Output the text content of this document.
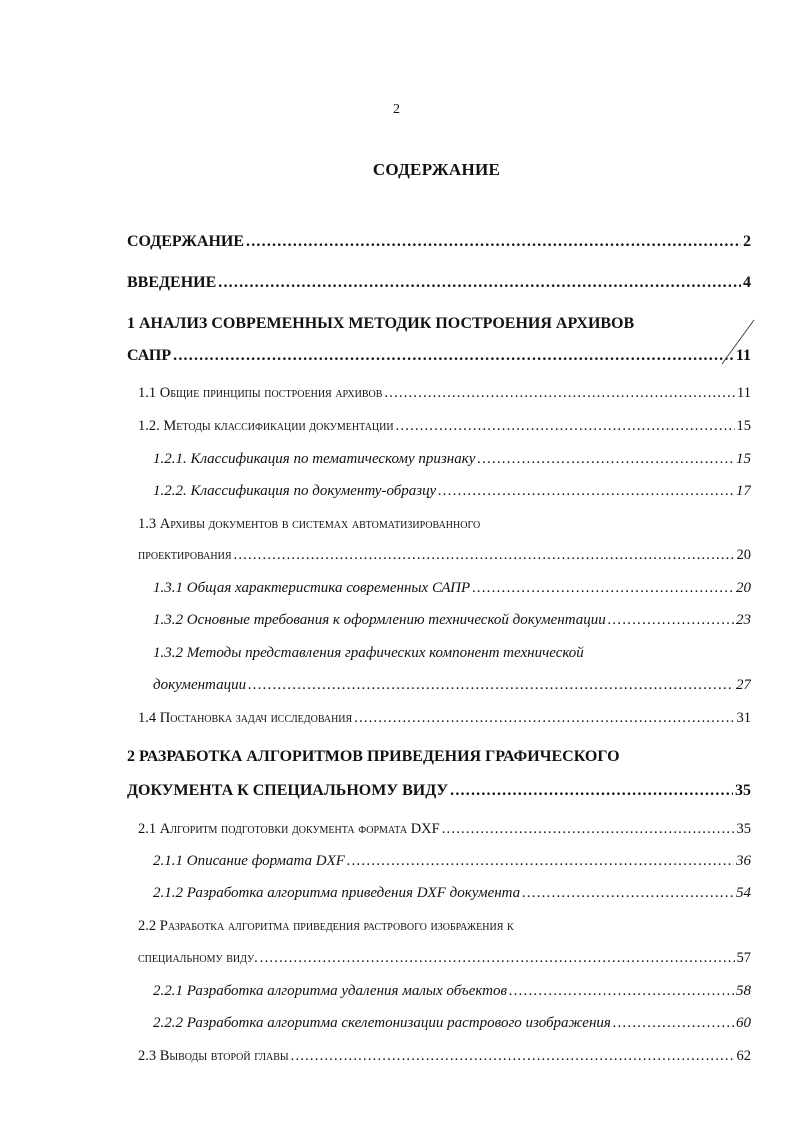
2
СОДЕРЖАНИЕ
СОДЕРЖАНИЕ .....	2
ВВЕДЕНИЕ .....	4
1 АНАЛИЗ СОВРЕМЕННЫХ МЕТОДИК ПОСТРОЕНИЯ АРХИВОВ
САПР .....	11
1.1 Общие принципы построения архивов .....	11
1.2. Методы классификации документации .....	15
1.2.1. Классификация по тематическому признаку .....	15
1.2.2. Классификация по документу-образцу .....	17
1.3 Архивы документов в системах автоматизированного
проектирования .....	20
1.3.1 Общая характеристика современных САПР .....	20
1.3.2 Основные требования к оформлению технической документации .....	23
1.3.2 Методы представления графических компонент технической
документации .....	27
1.4 Постановка задач исследования .....	31
2 РАЗРАБОТКА АЛГОРИТМОВ ПРИВЕДЕНИЯ ГРАФИЧЕСКОГО
ДОКУМЕНТА К СПЕЦИАЛЬНОМУ ВИДУ .....	35
2.1 Алгоритм подготовки документа формата DXF .....	35
2.1.1 Описание формата DXF .....	36
2.1.2 Разработка алгоритма приведения DXF документа .....	54
2.2 Разработка алгоритма приведения растрового изображения к
специальному виду. .....	57
2.2.1 Разработка алгоритма удаления малых объектов .....	58
2.2.2 Разработка алгоритма скелетонизации растрового изображения .....	60
2.3 Выводы второй главы .....	62
